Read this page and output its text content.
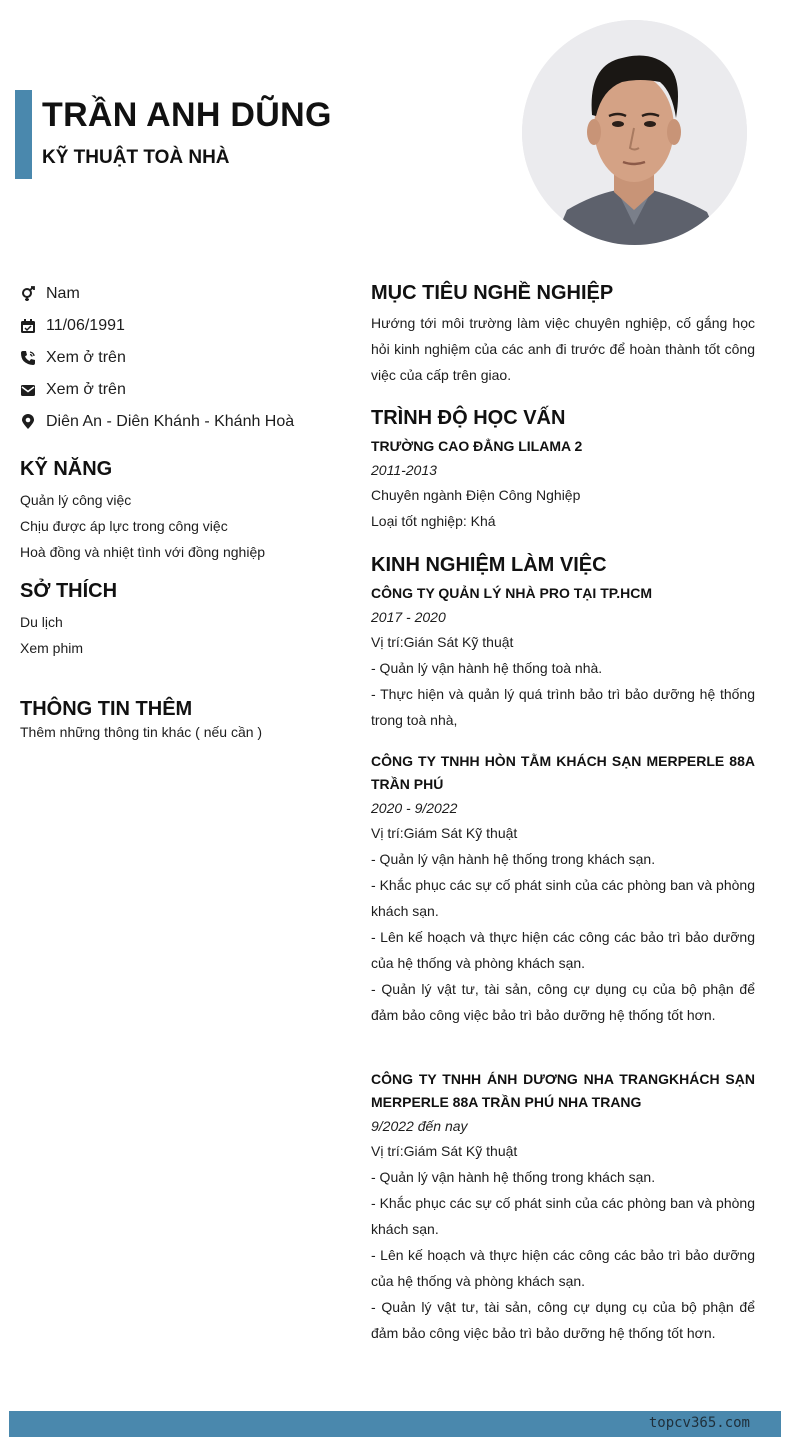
TRẦN ANH DŨNG
KỸ THUẬT TOÀ NHÀ
Nam
11/06/1991
Xem ở trên
Xem ở trên
Diên An - Diên Khánh - Khánh Hoà
KỸ NĂNG
Quản lý công việc
Chịu được áp lực trong công việc
Hoà đồng và nhiệt tình với đồng nghiệp
SỞ THÍCH
Du lịch
Xem phim
THÔNG TIN THÊM
Thêm những thông tin khác ( nếu cần )
MỤC TIÊU NGHỀ NGHIỆP
Hướng tới môi trường làm việc chuyên nghiệp, cố gắng học hỏi kinh nghiệm của các anh đi trước để hoàn thành tốt công việc của cấp trên giao.
TRÌNH ĐỘ HỌC VẤN
TRƯỜNG CAO ĐẲNG LILAMA 2
2011-2013
Chuyên ngành Điện Công Nghiệp
Loại tốt nghiệp: Khá
KINH NGHIỆM LÀM VIỆC
CÔNG TY QUẢN LÝ NHÀ PRO TẠI TP.HCM
2017 - 2020
Vị trí:Gián Sát Kỹ thuật
- Quản lý vận hành hệ thống toà nhà.
- Thực hiện và quản lý quá trình bảo trì bảo dưỡng hệ thống trong toà nhà,
CÔNG TY TNHH HÒN TẰM KHÁCH SẠN MERPERLE 88A TRẦN PHÚ
2020 - 9/2022
Vị trí:Giám Sát Kỹ thuật
- Quản lý vận hành hệ thống trong khách sạn.
- Khắc phục các sự cố phát sinh của các phòng ban và phòng khách sạn.
- Lên kế hoạch và thực hiện các công các bảo trì bảo dưỡng của hệ thống và phòng khách sạn.
- Quản lý vật tư, tài sản, công cự dụng cụ của bộ phận để đảm bảo công việc bảo trì bảo dưỡng hệ thống tốt hơn.
CÔNG TY TNHH ÁNH DƯƠNG NHA TRANGKHÁCH SẠN MERPERLE 88A TRẦN PHÚ NHA TRANG
9/2022 đến nay
Vị trí:Giám Sát Kỹ thuật
- Quản lý vận hành hệ thống trong khách sạn.
- Khắc phục các sự cố phát sinh của các phòng ban và phòng khách sạn.
- Lên kế hoạch và thực hiện các công các bảo trì bảo dưỡng của hệ thống và phòng khách sạn.
- Quản lý vật tư, tài sản, công cự dụng cụ của bộ phận để đảm bảo công việc bảo trì bảo dưỡng hệ thống tốt hơn.
topcv365.com
